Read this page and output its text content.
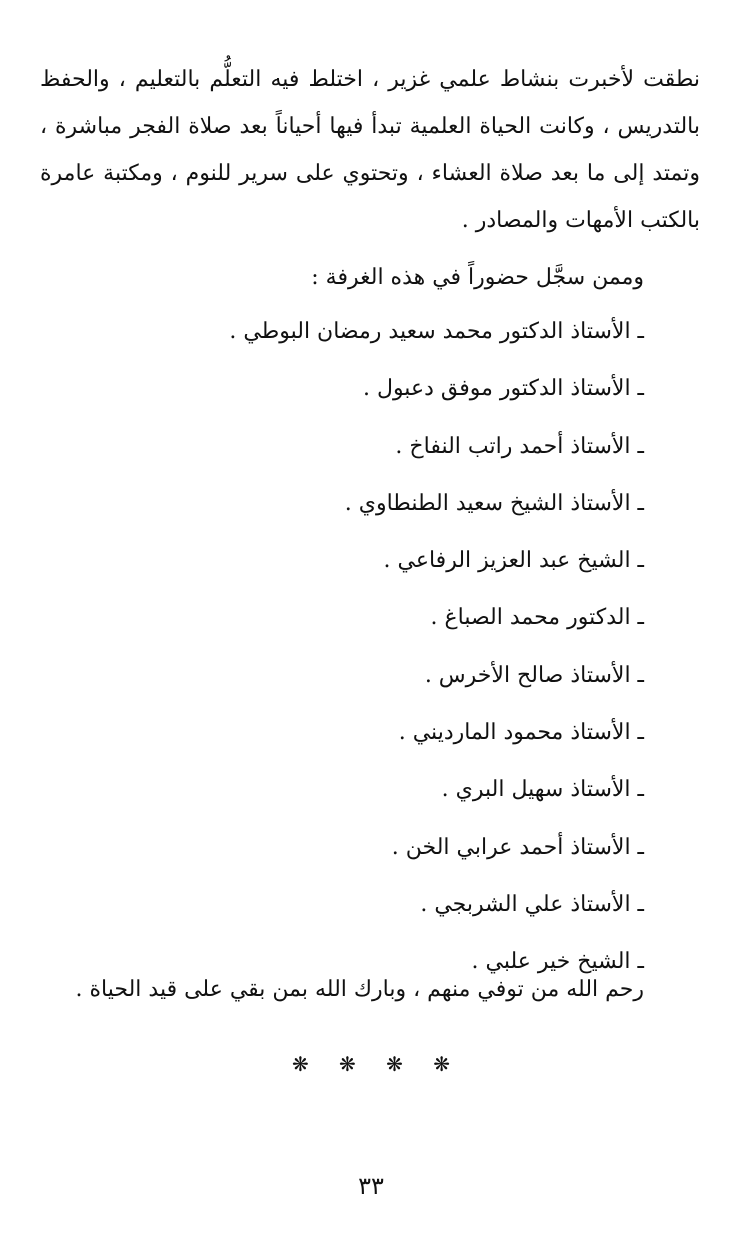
نطقت لأخبرت بنشاط علمي غزير ، اختلط فيه التعلُّم بالتعليم ، والحفظ بالتدريس ، وكانت الحياة العلمية تبدأ فيها أحياناً بعد صلاة الفجر مباشرة ، وتمتد إلى ما بعد صلاة العشاء ، وتحتوي على سرير للنوم ، ومكتبة عامرة بالكتب الأمهات والمصادر .

وممن سجَّل حضوراً في هذه الغرفة :

ـ الأستاذ الدكتور محمد سعيد رمضان البوطي .
ـ الأستاذ الدكتور موفق دعبول .
ـ الأستاذ أحمد راتب النفاخ .
ـ الأستاذ الشيخ سعيد الطنطاوي .
ـ الشيخ عبد العزيز الرفاعي .
ـ الدكتور محمد الصباغ .
ـ الأستاذ صالح الأخرس .
ـ الأستاذ محمود المارديني .
ـ الأستاذ سهيل البري .
ـ الأستاذ أحمد عرابي الخن .
ـ الأستاذ علي الشربجي .
ـ الشيخ خير علبي .

رحم الله من توفي منهم ، وبارك الله بمن بقي على قيد الحياة .

❋ ❋ ❋ ❋
٣٣
